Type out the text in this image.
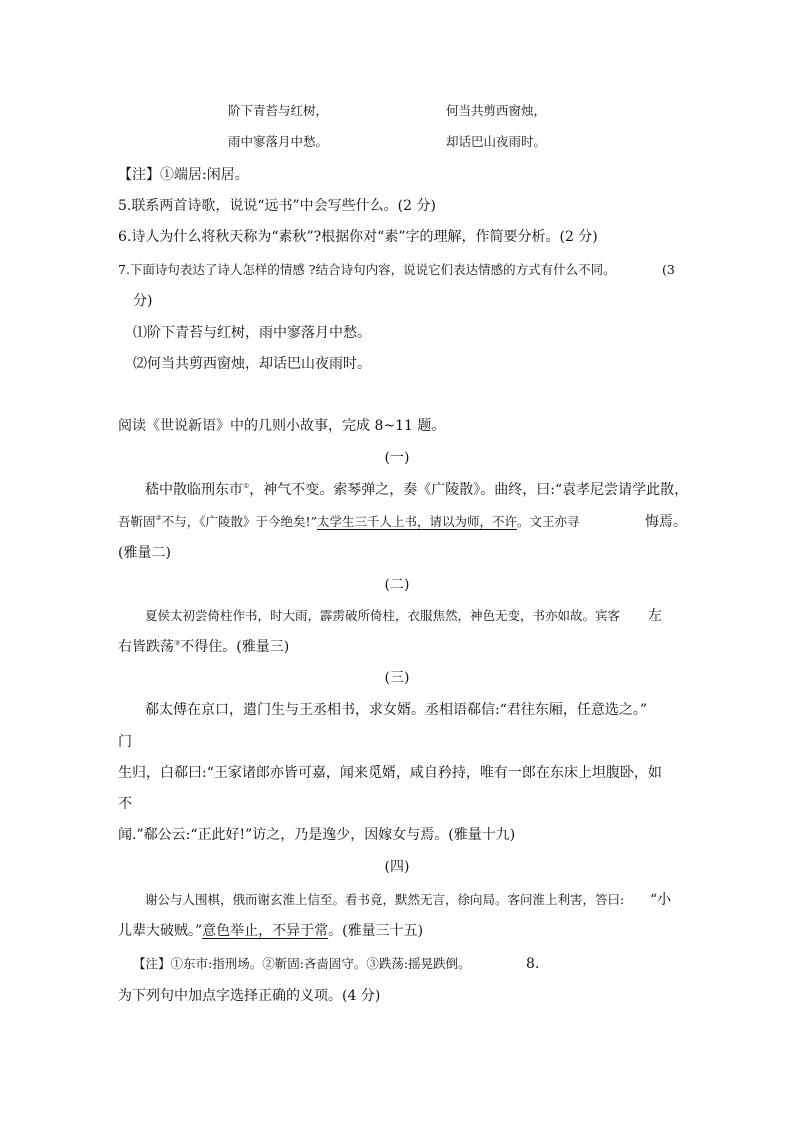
阶下青苔与红树，	何当共剪西窗烛，
雨中寥落月中愁。	却话巴山夜雨时。
【注】①端居:闲居。
5.联系两首诗歌，说说“远书”中会写些什么。(2 分)
6.诗人为什么将秋天称为“素秋”?根据你对“素”字的理解，作简要分析。(2 分)
7.下面诗句表达了诗人怎样的情感 ?结合诗句内容，说说它们表达情感的方式有什么不同。	(3
分)
⑴阶下青苔与红树，雨中寥落月中愁。
⑵何当共剪西窗烛，却话巴山夜雨时。
阅读《世说新语》中的几则小故事，完成 8~11 题。
(一)
嵇中散临刑东市①，神气不变。索琴弹之，奏《广陵散》。曲终，曰:“袁孝尼尝请学此散，
吾靳固②不与，《广陵散》于今绝矣!”太学生三千人上书，请以为师，不许。文王亦寻	悔焉。
(雅量二)
(二)
夏侯太初尝倚柱作书，时大雨，霹雳破所倚柱，衣服焦然，神色无变，书亦如故。宾客 左
右皆跌荡③不得住。(雅量三)
(三)
郗太傅在京口，遣门生与王丞相书，求女婿。丞相语郗信:“君往东厢，任意选之。”
门
生归，白郗曰:“王家诸郎亦皆可嘉，闻来觅婿，咸自矜持，唯有一郎在东床上坦腹卧，如
不
闻.”郗公云:“正此好!”访之，乃是逸少，因嫁女与焉。(雅量十九)
(四)
谢公与人围棋，俄而谢玄淮上信至。看书竟，默然无言，徐向局。客问淮上利害，答曰: “小
儿辈大破贼。”意色举止，不异于常。(雅量三十五)
【注】①东市:指刑场。②靳固:吝啬固守。③跌荡:摇晃跌倒。	8.
为下列句中加点字选择正确的义项。(4 分)
